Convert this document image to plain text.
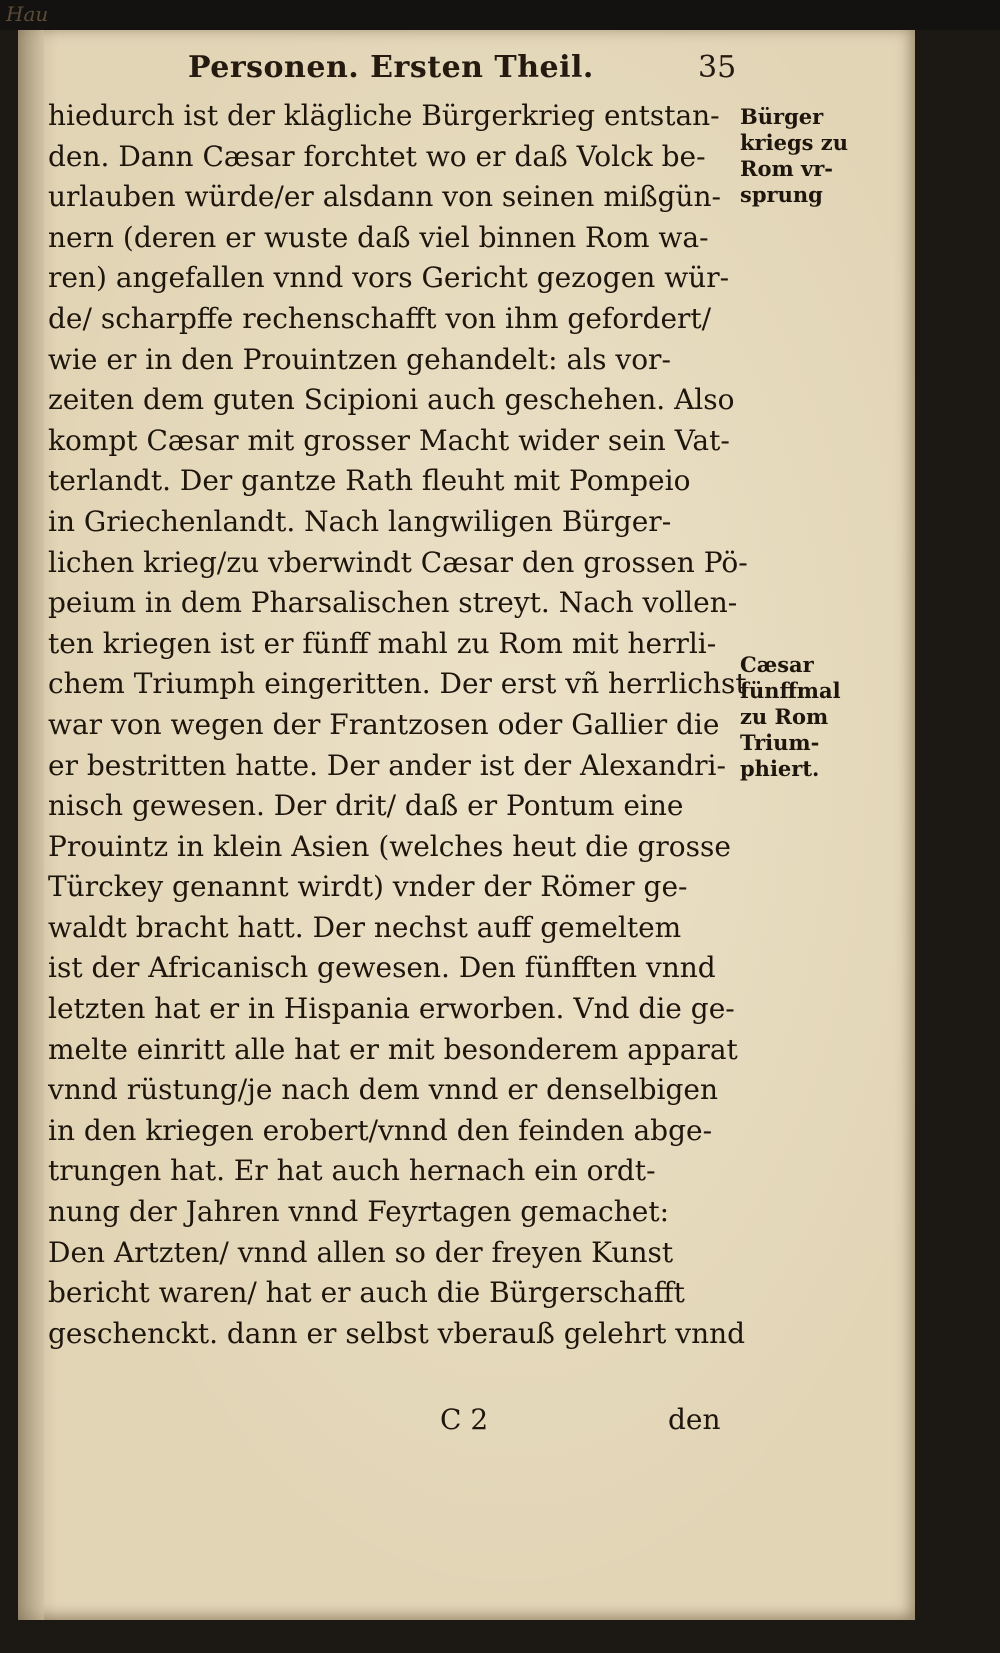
Hau
Personen. Ersten Theil.	35
hiedurch ist der klägliche Bürgerkrieg entstan-
den. Dann Cæsar forchtet wo er daß Volck be-
urlauben würde/er alsdann von seinen mißgün-
nern (deren er wuste daß viel binnen Rom wa-
ren) angefallen vnnd vors Gericht gezogen wür-
de/ scharpffe rechenschafft von ihm gefordert/
wie er in den Prouintzen gehandelt: als vor-
zeiten dem guten Scipioni auch geschehen. Also
kompt Cæsar mit grosser Macht wider sein Vat-
terlandt. Der gantze Rath fleuht mit Pompeio
in Griechenlandt. Nach langwiligen Bürger-
lichen krieg/zu vberwindt Cæsar den grossen Pö-
peium in dem Pharsalischen streyt. Nach vollen-
ten kriegen ist er fünff mahl zu Rom mit herrli-
chem Triumph eingeritten. Der erst vñ herrlichst
war von wegen der Frantzosen oder Gallier die
er bestritten hatte. Der ander ist der Alexandri-
nisch gewesen. Der drit/ daß er Pontum eine
Prouintz in klein Asien (welches heut die grosse
Türckey genannt wirdt) vnder der Römer ge-
waldt bracht hatt. Der nechst auff gemeltem
ist der Africanisch gewesen. Den fünfften vnnd
letzten hat er in Hispania erworben. Vnd die ge-
melte einritt alle hat er mit besonderem apparat
vnnd rüstung/je nach dem vnnd er denselbigen
in den kriegen erobert/vnnd den feinden abge-
trungen hat. Er hat auch hernach ein ordt-
nung der Jahren vnnd Feyrtagen gemachet:
Den Artzten/ vnnd allen so der freyen Kunst
bericht waren/ hat er auch die Bürgerschafft
geschenckt. dann er selbst vberauß gelehrt vnnd
Bürger
kriegs zu
Rom vr-
sprung
Cæsar
fünffmal
zu Rom
Trium-
phiert.
C 2	den
